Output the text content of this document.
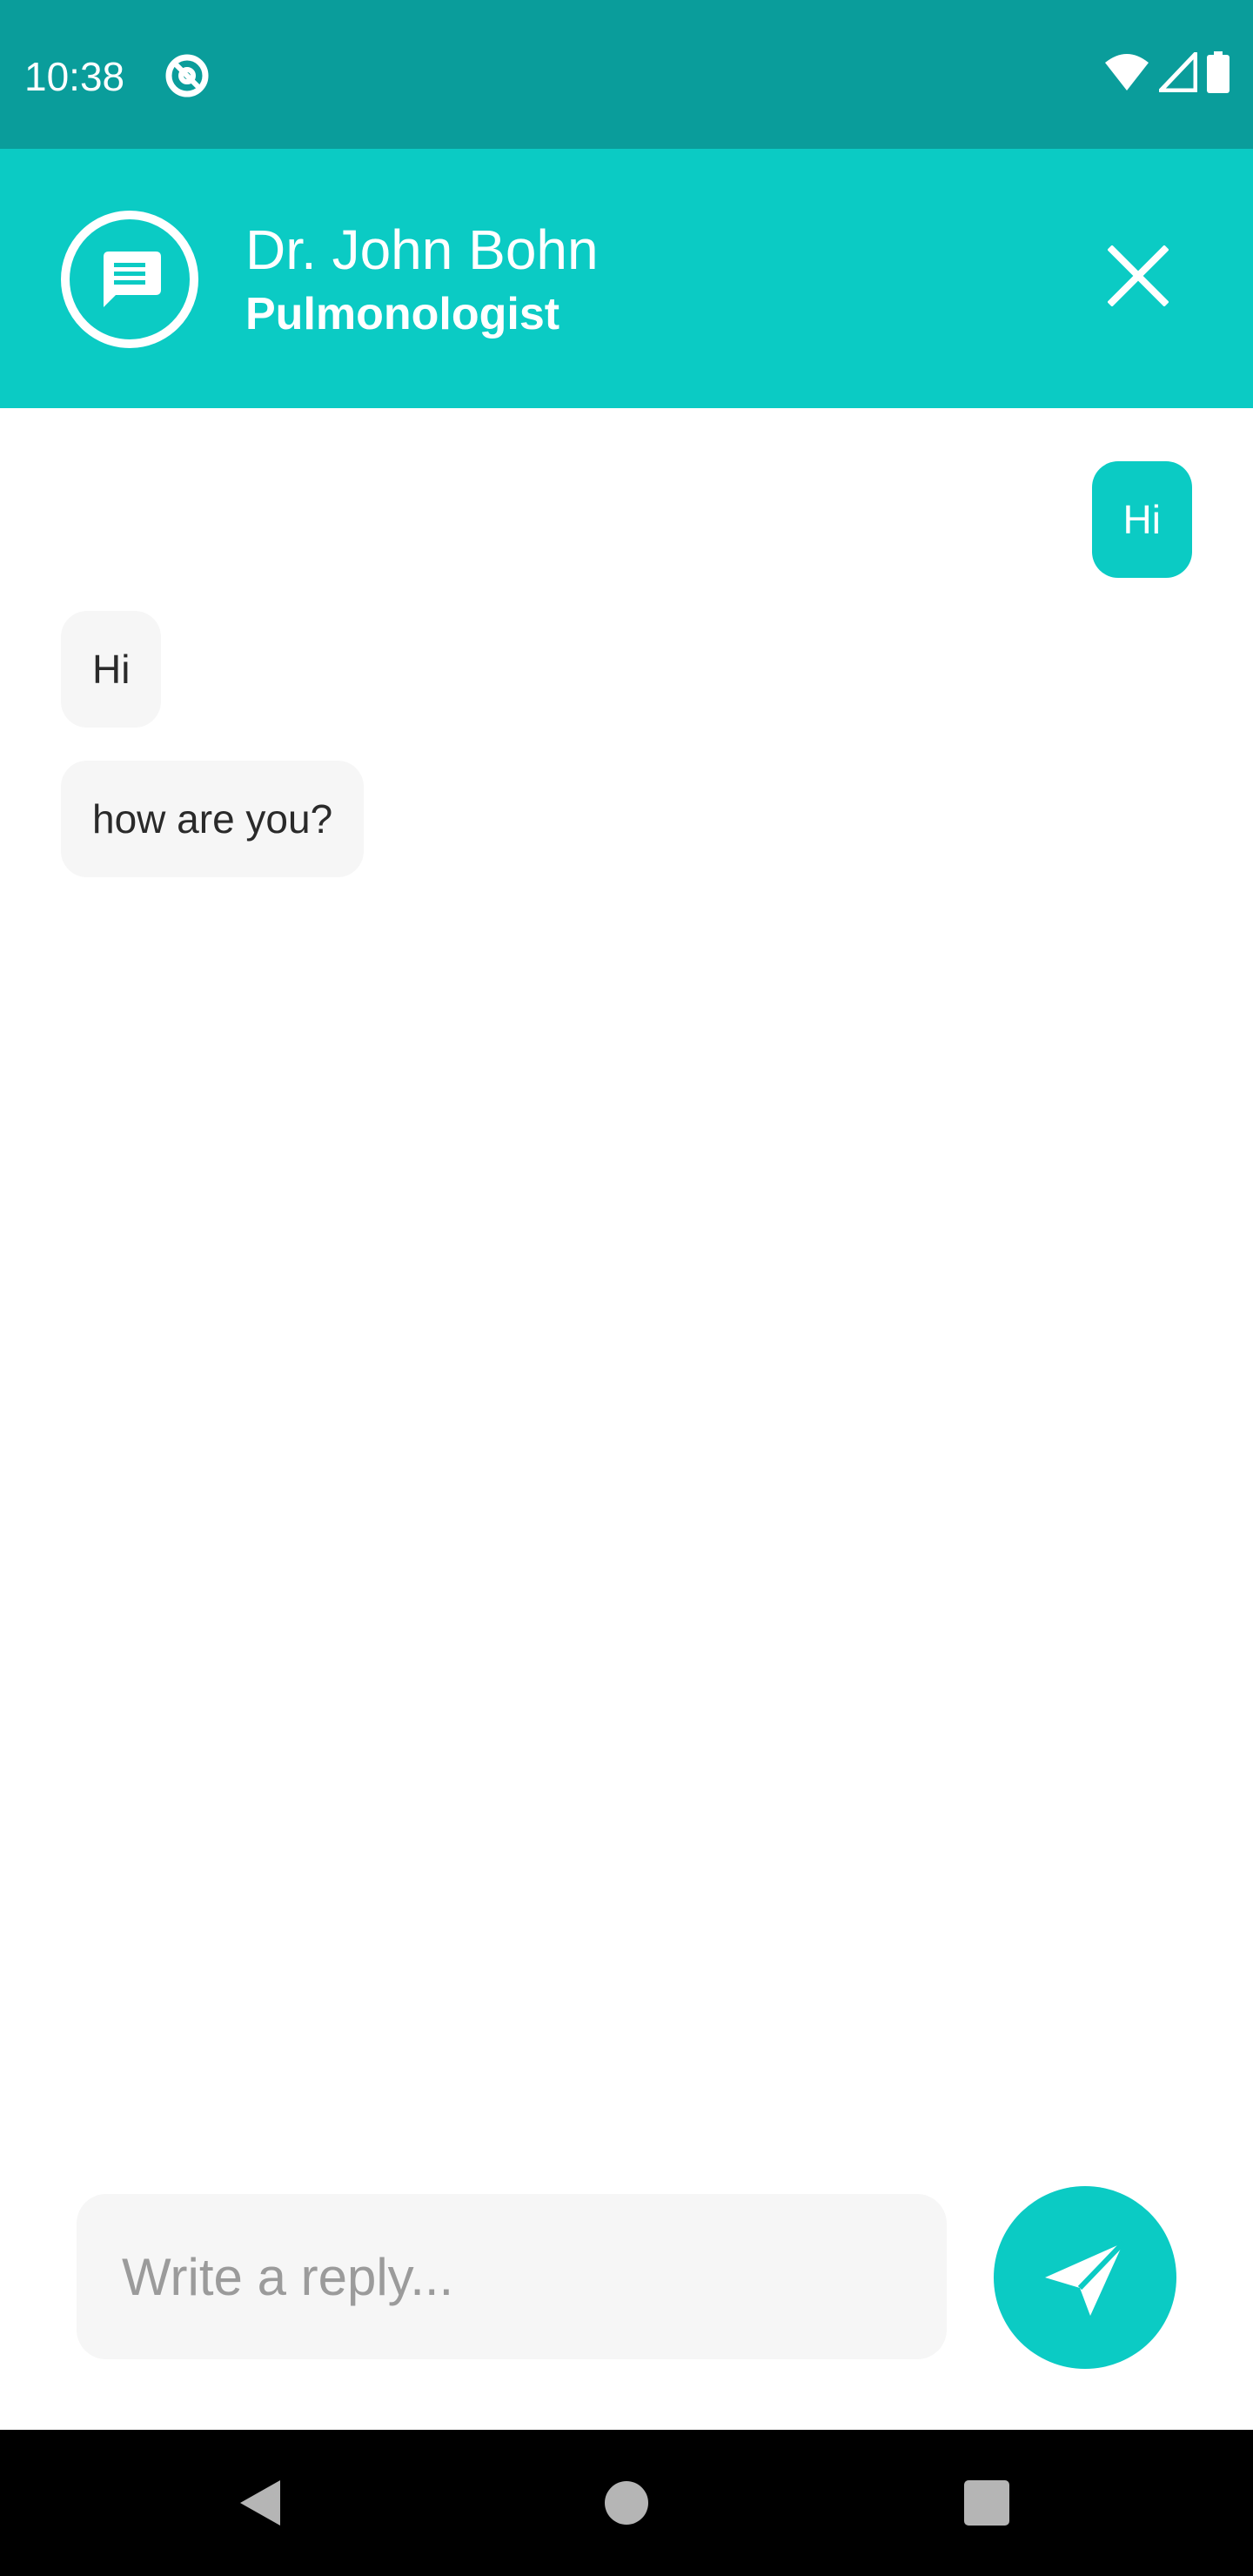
10:38
Dr. John Bohn
Pulmonologist
Hi
Hi
how are you?
Write a reply...
